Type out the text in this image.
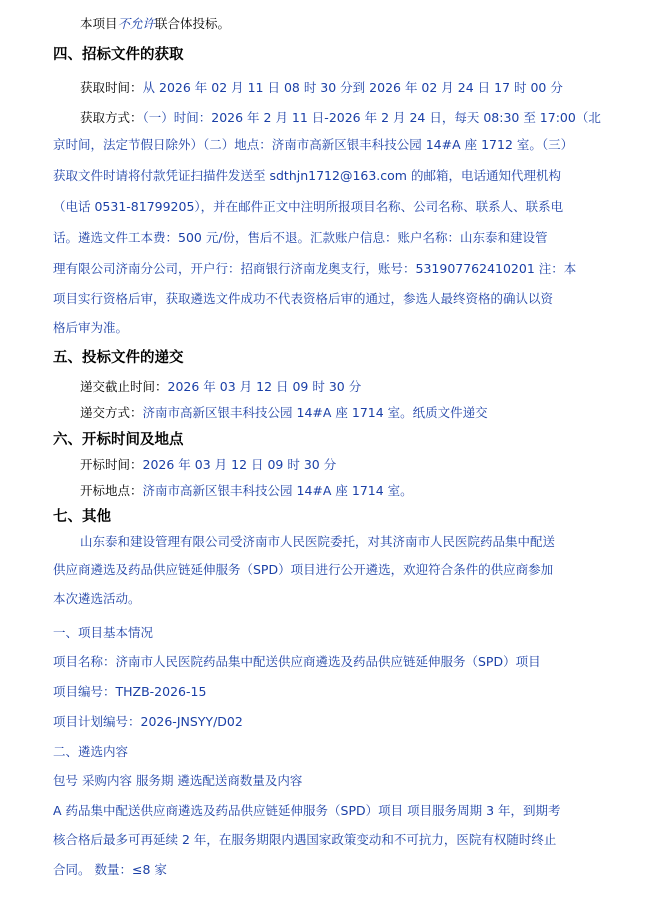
本项目不允许联合体投标。
四、招标文件的获取
获取时间：从 2026 年 02 月 11 日 08 时 30 分到 2026 年 02 月 24 日 17 时 00 分
获取方式：（一）时间：2026 年 2 月 11 日-2026 年 2 月 24 日，每天 08:30 至 17:00（北
京时间，法定节假日除外）（二）地点：济南市高新区银丰科技公园 14#A 座 1712 室。（三）
获取文件时请将付款凭证扫描件发送至 sdthjn1712@163.com 的邮箱，电话通知代理机构
（电话 0531-81799205），并在邮件正文中注明所报项目名称、公司名称、联系人、联系电
话。遴选文件工本费：500 元/份，售后不退。汇款账户信息：账户名称：山东泰和建设管
理有限公司济南分公司，开户行：招商银行济南龙奥支行，账号：531907762410201 注：本
项目实行资格后审，获取遴选文件成功不代表资格后审的通过，参选人最终资格的确认以资
格后审为准。
五、投标文件的递交
递交截止时间：2026 年 03 月 12 日 09 时 30 分
递交方式：济南市高新区银丰科技公园 14#A 座 1714 室。纸质文件递交
六、开标时间及地点
开标时间：2026 年 03 月 12 日 09 时 30 分
开标地点：济南市高新区银丰科技公园 14#A 座 1714 室。
七、其他
山东泰和建设管理有限公司受济南市人民医院委托，对其济南市人民医院药品集中配送
供应商遴选及药品供应链延伸服务（SPD）项目进行公开遴选，欢迎符合条件的供应商参加
本次遴选活动。
一、项目基本情况
项目名称：济南市人民医院药品集中配送供应商遴选及药品供应链延伸服务（SPD）项目
项目编号：THZB-2026-15
项目计划编号：2026-JNSYY/D02
二、遴选内容
包号 采购内容 服务期 遴选配送商数量及内容
A 药品集中配送供应商遴选及药品供应链延伸服务（SPD）项目 项目服务周期 3 年，到期考
核合格后最多可再延续 2 年，在服务期限内遇国家政策变动和不可抗力，医院有权随时终止
合同。 数量：≤8 家
